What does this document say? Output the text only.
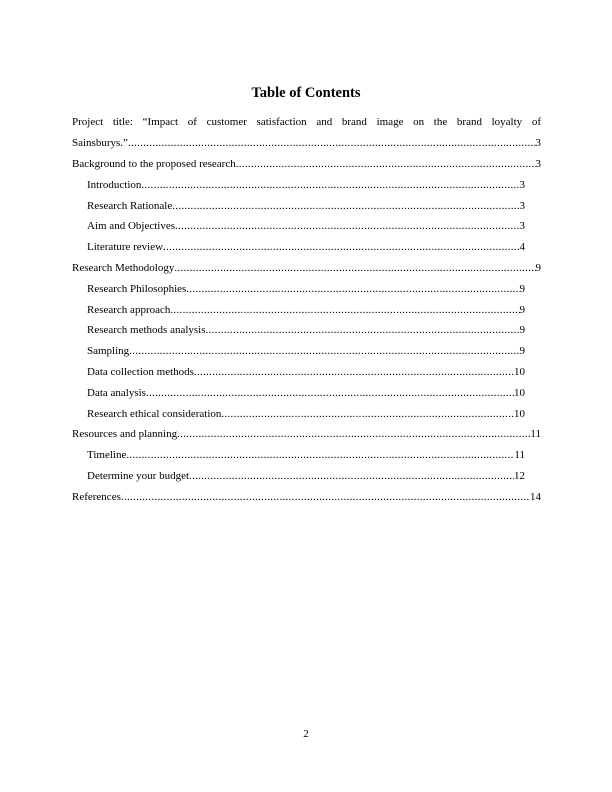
Table of Contents
Project title: “Impact of customer satisfaction and brand image on the brand loyalty of
Sainsburys.” .....	3
Background to the proposed research .....	3
Introduction .....	3
Research Rationale .....	3
Aim and Objectives .....	3
Literature review .....	4
Research Methodology .....	9
Research Philosophies .....	9
Research approach .....	9
Research methods analysis .....	9
Sampling .....	9
Data collection methods .....	10
Data analysis .....	10
Research ethical consideration .....	10
Resources and planning .....	11
Timeline .....	11
Determine your budget .....	12
References .....	14
2
